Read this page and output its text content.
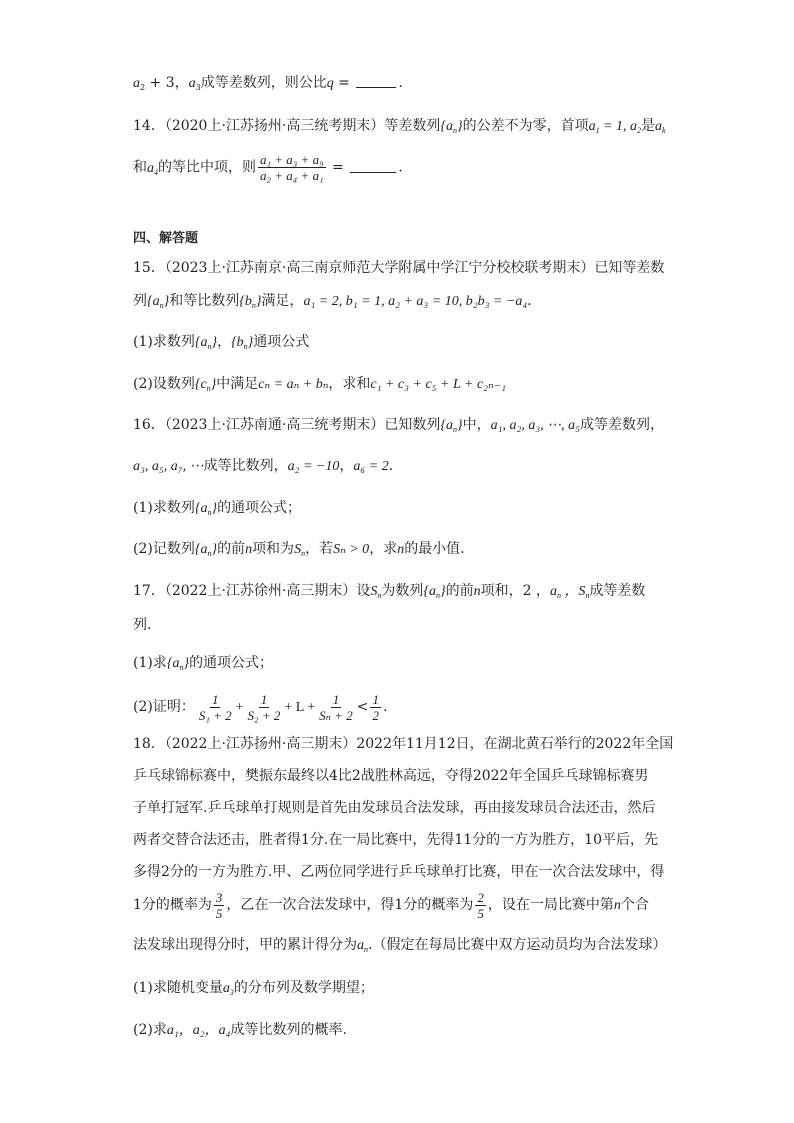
$a_2 + 3$，$a_3$成等差数列，则公比q =	.
14．（2020上·江苏扬州·高三统考期末）等差数列$\{a_n\}$的公差不为零，首项$a_1 = 1$, $a_2$是$a_k$
和$a_4$的等比中项，则 $\frac{\text{a₁ + a₃ + a₉}}{\text{a₂ + a₄ + a₁}}$ =	.
四、解答题
15．（2023上·江苏南京·高三南京师范大学附属中学江宁分校校联考期末）已知等差数
列$\{a_n\}$和等比数列$\{b_n\}$满足，a₁ = 2, b₁ = 1, a₂ + a₃ = 10, b₂b₃ = −a₄．
(1)求数列$\{a_n\}$，$\{b_n\}$通项公式
(2)设数列$\{c_n\}$中满足cₙ = aₙ + bₙ，求和c₁ + c₃ + c₅ + L + c₂ₙ₋₁
16．（2023上·江苏南通·高三统考期末）已知数列$\{a_n\}$中，a₁, a₂, a₃, ⋯, a₅成等差数列，
a₃, a₅, a₇, ⋯成等比数列，a₂ = −10，a₆ = 2．
(1)求数列$\{a_n\}$的通项公式；
(2)记数列$\{a_n\}$的前n项和为$S_n$，若Sₙ > 0，求n的最小值.
17．（2022上·江苏徐州·高三期末）设$S_n$为数列$\{a_n\}$的前n项和，2 ，$a_n$ ，$S_n$成等差数
列.
(1)求$\{a_n\}$的通项公式；
(2)证明： $\frac{1}{\text{S₁ + 2}} + \frac{1}{\text{S₂ + 2}} + L + \frac{1}{\text{Sₙ + 2}} < \frac{1}{2}$ .
18．（2022上·江苏扬州·高三期末）2022年11月12日，在湖北黄石举行的2022年全国
乒乓球锦标赛中，樊振东最终以4比2战胜林高远，夺得2022年全国乒乓球锦标赛男
子单打冠军.乒乓球单打规则是首先由发球员合法发球，再由接发球员合法还击，然后
两者交替合法还击，胜者得1分.在一局比赛中，先得11分的一方为胜方，10平后，先
多得2分的一方为胜方.甲、乙两位同学进行乒乓球单打比赛，甲在一次合法发球中，得
1分的概率为 $\frac{3}{5}$ ，乙在一次合法发球中，得1分的概率为 $\frac{2}{5}$ ，设在一局比赛中第n个合
法发球出现得分时，甲的累计得分为$a_n$.（假定在每局比赛中双方运动员均为合法发球）
(1)求随机变量$a_3$的分布列及数学期望；
(2)求a₁，a₂，a₄成等比数列的概率.
